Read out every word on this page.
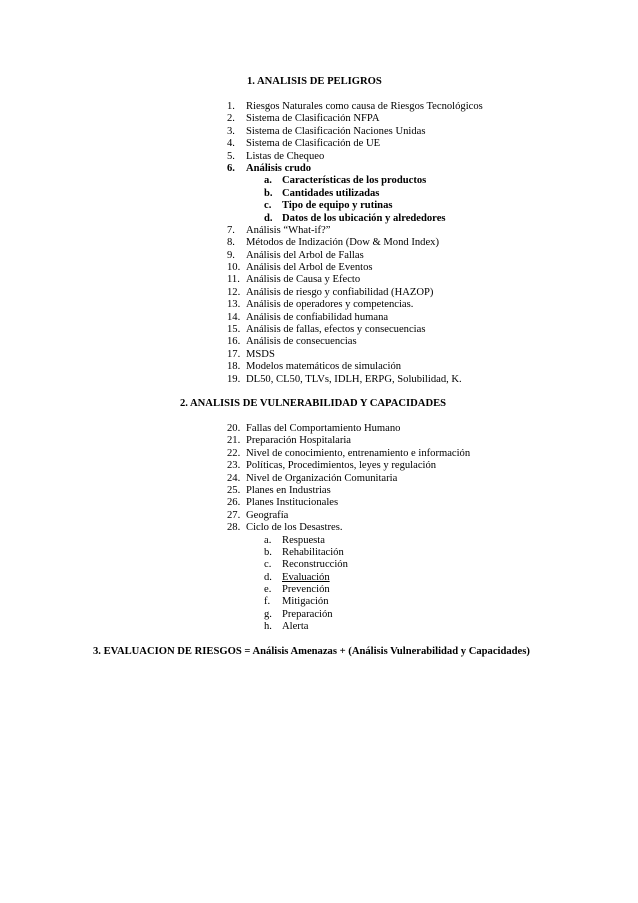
1. ANALISIS DE PELIGROS
1. Riesgos Naturales como causa de Riesgos Tecnológicos
2. Sistema de Clasificación NFPA
3. Sistema de Clasificación Naciones Unidas
4. Sistema de Clasificación de UE
5. Listas de Chequeo
6. Análisis crudo
a. Características de los productos
b. Cantidades utilizadas
c. Tipo de equipo y rutinas
d. Datos de los ubicación y alrededores
7. Análisis “What-if?”
8. Métodos de Indización (Dow & Mond Index)
9. Análisis del Arbol de Fallas
10. Análisis del Arbol de Eventos
11. Análisis de Causa y Efecto
12. Análisis de riesgo y confiabilidad (HAZOP)
13. Análisis de operadores y competencias.
14. Análisis de confiabilidad humana
15. Análisis de fallas, efectos y consecuencias
16. Análisis de consecuencias
17. MSDS
18. Modelos matemáticos de simulación
19. DL50, CL50, TLVs, IDLH, ERPG, Solubilidad, K.
2. ANALISIS DE VULNERABILIDAD Y CAPACIDADES
20. Fallas del Comportamiento Humano
21. Preparación Hospitalaria
22. Nivel de conocimiento, entrenamiento e información
23. Políticas, Procedimientos, leyes y regulación
24. Nivel de Organización Comunitaria
25. Planes en Industrias
26. Planes Institucionales
27. Geografía
28. Ciclo de los Desastres.
a. Respuesta
b. Rehabilitación
c. Reconstrucción
d. Evaluación
e. Prevención
f. Mitigación
g. Preparación
h. Alerta
3. EVALUACION DE RIESGOS = Análisis Amenazas + (Análisis Vulnerabilidad y Capacidades)
